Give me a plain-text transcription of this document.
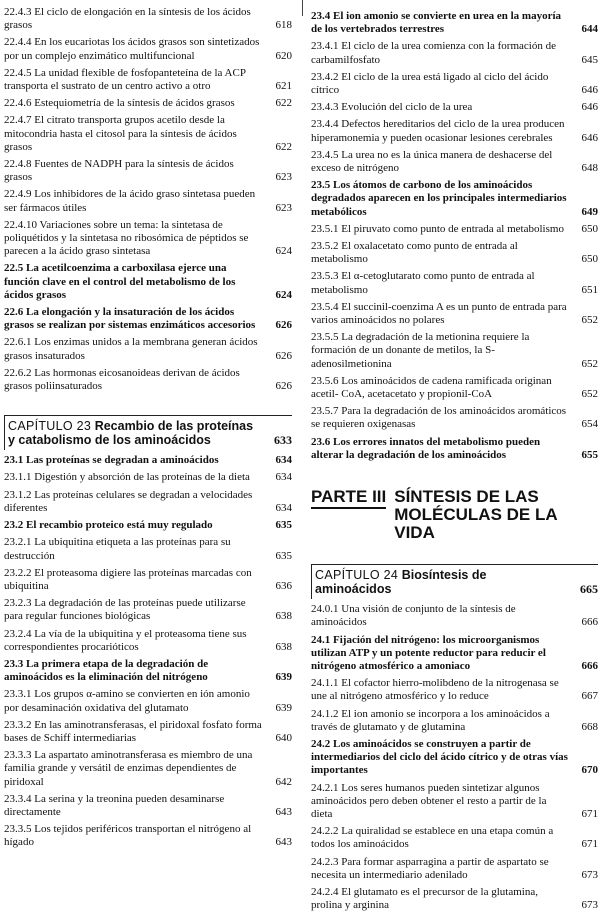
22.4.3 El ciclo de elongación en la síntesis de los ácidos grasos	618
22.4.4 En los eucariotas los ácidos grasos son sintetizados por un complejo enzimático multifuncional	620
22.4.5 La unidad flexible de fosfopanteteína de la ACP transporta el sustrato de un centro activo a otro	621
22.4.6 Estequiometría de la síntesis de ácidos grasos	622
22.4.7 El citrato transporta grupos acetilo desde la mitocondria hasta el citosol para la síntesis de ácidos grasos	622
22.4.8 Fuentes de NADPH para la síntesis de ácidos grasos	623
22.4.9 Los inhibidores de la ácido graso sintetasa pueden ser fármacos útiles	623
22.4.10 Variaciones sobre un tema: la sintetasa de poliquétidos y la sintetasa no ribosómica de péptidos se parecen a la ácido graso sintetasa	624
22.5 La acetilcoenzima a carboxilasa ejerce una función clave en el control del metabolismo de los ácidos grasos	624
22.6 La elongación y la insaturación de los ácidos grasos se realizan por sistemas enzimáticos accesorios	626
22.6.1 Los enzimas unidos a la membrana generan ácidos grasos insaturados	626
22.6.2 Las hormonas eicosanoideas derivan de ácidos grasos poliinsaturados	626
CAPÍTULO 23 Recambio de las proteínas y catabolismo de los aminoácidos	633
23.1 Las proteínas se degradan a aminoácidos	634
23.1.1 Digestión y absorción de las proteínas de la dieta	634
23.1.2 Las proteínas celulares se degradan a velocidades diferentes	634
23.2 El recambio proteico está muy regulado	635
23.2.1 La ubiquitina etiqueta a las proteínas para su destrucción	635
23.2.2 El proteasoma digiere las proteínas marcadas con ubiquitina	636
23.2.3 La degradación de las proteínas puede utilizarse para regular funciones biológicas	638
23.2.4 La vía de la ubiquitina y el proteasoma tiene sus correspondientes procarióticos	638
23.3 La primera etapa de la degradación de aminoácidos es la eliminación del nitrógeno	639
23.3.1 Los grupos α-amino se convierten en ión amonio por desaminación oxidativa del glutamato	639
23.3.2 En las aminotransferasas, el piridoxal fosfato forma bases de Schiff intermediarias	640
23.3.3 La aspartato aminotransferasa es miembro de una familia grande y versátil de enzimas dependientes de piridoxal	642
23.3.4 La serina y la treonina pueden desaminarse directamente	643
23.3.5 Los tejidos periféricos transportan el nitrógeno al hígado	643
23.4 El ion amonio se convierte en urea en la mayoría de los vertebrados terrestres	644
23.4.1 El ciclo de la urea comienza con la formación de carbamilfosfato	645
23.4.2 El ciclo de la urea está ligado al ciclo del ácido cítrico	646
23.4.3 Evolución del ciclo de la urea	646
23.4.4 Defectos hereditarios del ciclo de la urea producen hiperamonemia y pueden ocasionar lesiones cerebrales	646
23.4.5 La urea no es la única manera de deshacerse del exceso de nitrógeno	648
23.5 Los átomos de carbono de los aminoácidos degradados aparecen en los principales intermediarios metabólicos	649
23.5.1 El piruvato como punto de entrada al metabolismo	650
23.5.2 El oxalacetato como punto de entrada al metabolismo	650
23.5.3 El α-cetoglutarato como punto de entrada al metabolismo	651
23.5.4 El succinil-coenzima A es un punto de entrada para varios aminoácidos no polares	652
23.5.5 La degradación de la metionina requiere la formación de un donante de metilos, la S-adenosilmetionina	652
23.5.6 Los aminoácidos de cadena ramificada originan acetil- CoA, acetacetato y propionil-CoA	652
23.5.7 Para la degradación de los aminoácidos aromáticos se requieren oxigenasas	654
23.6 Los errores innatos del metabolismo pueden alterar la degradación de los aminoácidos	655
PARTE III SÍNTESIS DE LAS MOLÉCULAS DE LA VIDA
CAPÍTULO 24 Biosíntesis de aminoácidos	665
24.0.1 Una visión de conjunto de la síntesis de aminoácidos	666
24.1 Fijación del nitrógeno: los microorganismos utilizan ATP y un potente reductor para reducir el nitrógeno atmosférico a amoniaco	666
24.1.1 El cofactor hierro-molibdeno de la nitrogenasa se une al nitrógeno atmosférico y lo reduce	667
24.1.2 El ion amonio se incorpora a los aminoácidos a través de glutamato y de glutamina	668
24.2 Los aminoácidos se construyen a partir de intermediarios del ciclo del ácido cítrico y de otras vías importantes	670
24.2.1 Los seres humanos pueden sintetizar algunos aminoácidos pero deben obtener el resto a partir de la dieta	671
24.2.2 La quiralidad se establece en una etapa común a todos los aminoácidos	671
24.2.3 Para formar asparragina a partir de aspartato se necesita un intermediario adenilado	673
24.2.4 El glutamato es el precursor de la glutamina, prolina y arginina	673
